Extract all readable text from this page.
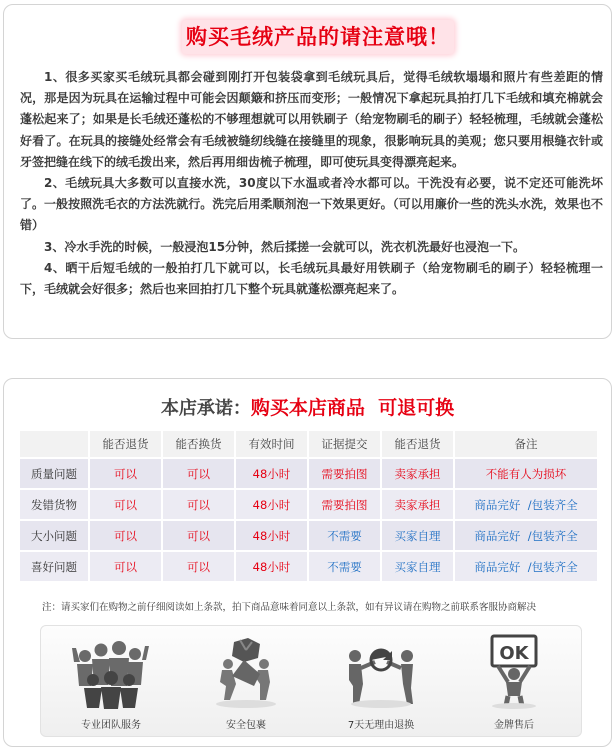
购买毛绒产品的请注意哦！

1、很多买家买毛绒玩具都会碰到刚打开包装袋拿到毛绒玩具后，觉得毛绒软塌塌和照片有些差距的情况，那是因为玩具在运输过程中可能会因颠簸和挤压而变形；一般情况下拿起玩具拍打几下毛绒和填充棉就会蓬松起来了；如果是长毛绒还蓬松的不够理想就可以用铁刷子（给宠物刷毛的刷子）轻轻梳理，毛绒就会蓬松好看了。在玩具的接缝处经常会有毛绒被缝纫线缝在接缝里的现象，很影响玩具的美观；您只要用根缝衣针或牙签把缝在线下的绒毛拨出来，然后再用细齿梳子梳理，即可使玩具变得漂亮起来。

2、毛绒玩具大多数可以直接水洗，30度以下水温或者冷水都可以。干洗没有必要，说不定还可能洗坏了。一般按照洗毛衣的方法洗就行。洗完后用柔顺剂泡一下效果更好。（可以用廉价一些的洗头水洗，效果也不错）

3、冷水手洗的时候，一般浸泡15分钟，然后揉搓一会就可以，洗衣机洗最好也浸泡一下。

4、晒干后短毛绒的一般拍打几下就可以，长毛绒玩具最好用铁刷子（给宠物刷毛的刷子）轻轻梳理一下，毛绒就会好很多；然后也来回拍打几下整个玩具就蓬松漂亮起来了。

本店承诺：购买本店商品  可退可换
	能否退货	能否换货	有效时间	证据提交	能否退货	备注
质量问题	可以	可以	48小时	需要拍图	卖家承担	不能有人为损坏
发错货物	可以	可以	48小时	需要拍图	卖家承担	商品完好  /包装齐全
大小问题	可以	可以	48小时	不需要	买家自理	商品完好  /包装齐全
喜好问题	可以	可以	48小时	不需要	买家自理	商品完好  /包装齐全
注：请买家们在购物之前仔细阅读如上条款，拍下商品意味着同意以上条款，如有异议请在购物之前联系客服协商解决
专业团队服务	安全包裹	7天无理由退换
OK
金牌售后
